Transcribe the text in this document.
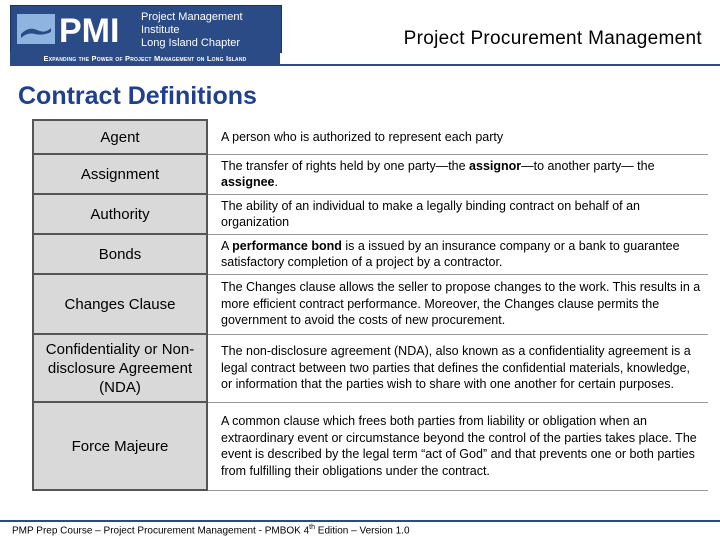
PMI Project Management Institute
Long Island Chapter
Expanding the Power of Project Management on Long Island
Project Procurement Management
Contract Definitions
Agent	A person who is authorized to represent each party
Assignment	The transfer of rights held by one party—the assignor—to another party— the assignee.
Authority	The ability of an individual to make a legally binding contract on behalf of an organization
Bonds	A performance bond is a issued by an insurance company or a bank to guarantee satisfactory completion of a project by a contractor.
Changes Clause	The Changes clause allows the seller to propose changes to the work. This results in a more efficient contract performance. Moreover, the Changes clause permits the government to avoid the costs of new procurement.
Confidentiality or Non-disclosure Agreement (NDA)	The non-disclosure agreement (NDA), also known as a confidentiality agreement is a legal contract between two parties that defines the confidential materials, knowledge, or information that the parties wish to share with one another for certain purposes.
Force Majeure	A common clause which frees both parties from liability or obligation when an extraordinary event or circumstance beyond the control of the parties takes place. The event is described by the legal term “act of God” and that prevents one or both parties from fulfilling their obligations under the contract.
PMP Prep Course – Project Procurement Management - PMBOK 4th Edition – Version 1.0
